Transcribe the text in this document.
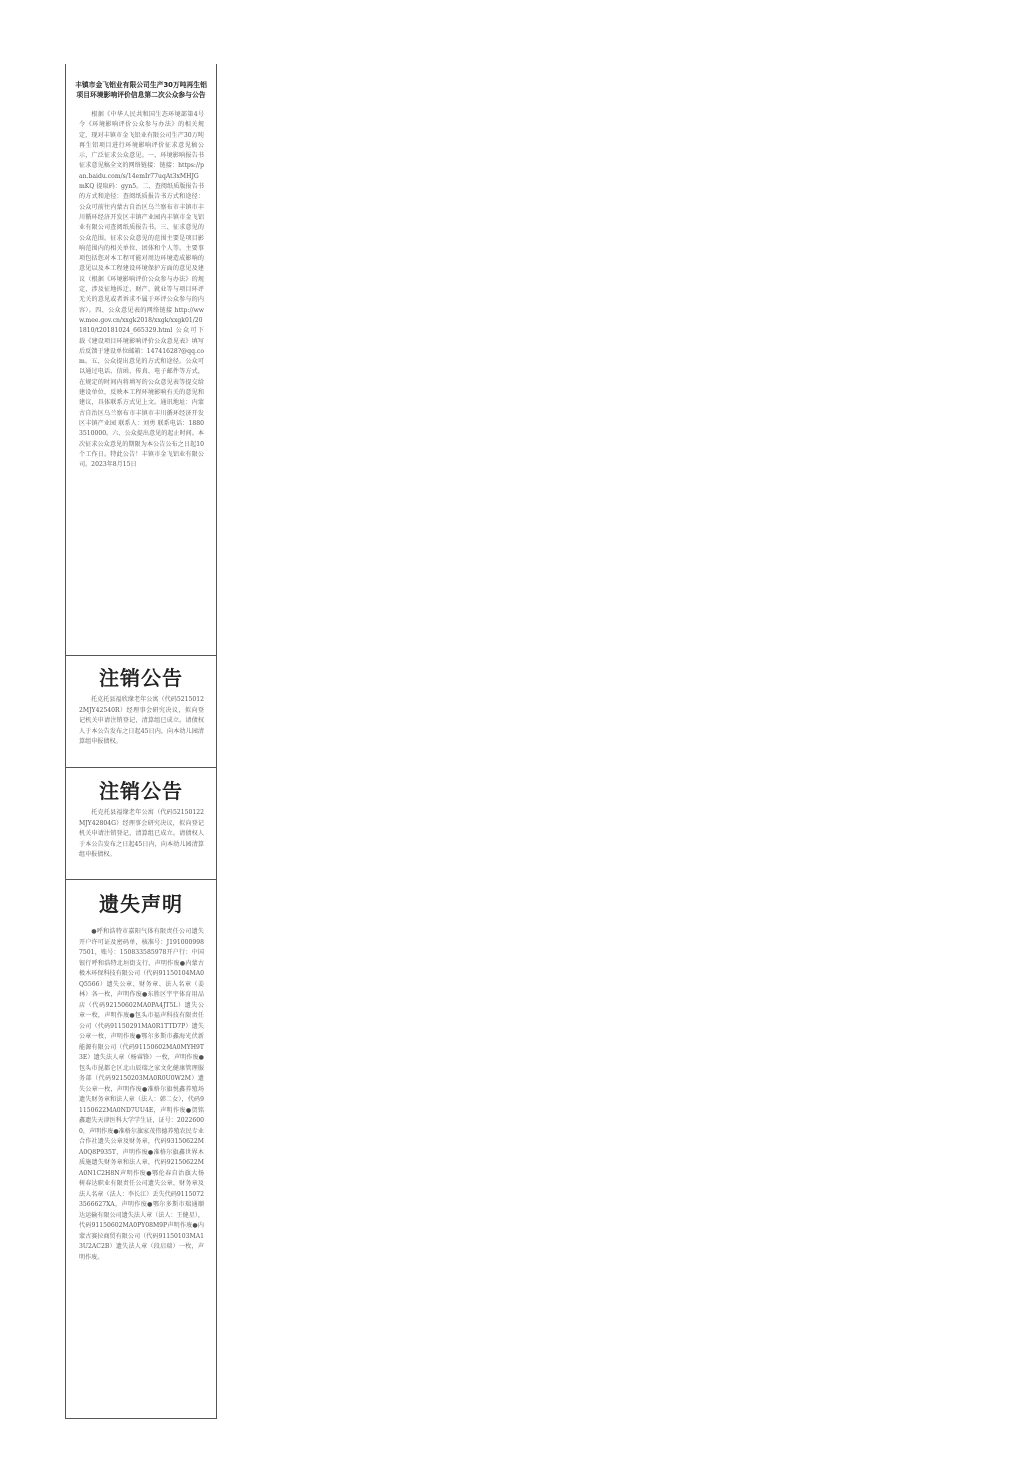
丰镇市金飞铝业有限公司生产30万吨再生铝项目环境影响评价信息第二次公众参与公告
根据《中华人民共和国生态环境部第4号令《环境影响评价公众参与办法》的相关规定，现对丰镇市金飞铝业有限公司生产30万吨再生铝项目进行环境影响评价征求意见稿公示，广泛征求公众意见。一、环境影响报告书征求意见稿全文的网络链接：链接：https://pan.baidu.com/s/14emIr77uqAt3xMHJGmKQ 提取码：gyn5。二、查阅纸质版报告书的方式和途径：查阅纸质报告书方式和途径：公众可前往内蒙古自治区乌兰察布市丰镇市丰川循环经济开发区丰镇产业园内丰镇市金飞铝业有限公司查阅纸质报告书。三、征求意见的公众范围。征求公众意见的范围主要是项目影响范围内的相关单位、团体和个人等。主要事项包括您对本工程可能对周边环境造成影响的意见以及本工程建设环境保护方面的意见及建议（根据《环境影响评价公众参与办法》的规定，涉及征地拆迁、财产、就业等与项目环评无关的意见或者诉求不属于环评公众参与的内容）。四、公众意见表的网络链接 http://www.mee.gov.cn/xxgk2018/xxgk/xxgk01/201810/t20181024_665329.html 公众可下载《建设项目环境影响评价公众意见表》填写后反馈于建设单位邮箱：14741628?@qq.com。五、公众提出意见的方式和途径。公众可以通过电话、信函、传真、电子邮件等方式，在规定的时间内将填写的公众意见表等提交给建设单位，反映本工程环境影响有关的意见和建议，具体联系方式见上文。通讯地址：内蒙古自治区乌兰察布市丰镇市丰川循环经济开发区丰镇产业园 联系人：刘勇 联系电话：18803510000。六、公众提出意见的起止时间。本次征求公众意见的期限为本公告公布之日起10个工作日。特此公告！丰镇市金飞铝业有限公司。2023年8月15日
注销公告
托克托县福欣缘老年公寓（代码52150122MJY42540R）经理事会研究决议，拟向登记机关申请注销登记，清算组已成立。请债权人于本公告发布之日起45日内，向本幼儿园清算组申报债权。
注销公告
托克托县福缘老年公寓（代码52150122MJY42804G）经理事会研究决议，拟向登记机关申请注销登记，清算组已成立。请债权人于本公告发布之日起45日内，向本幼儿园清算组申报债权。
遗失声明
●呼和浩特市嘉阳气体有限责任公司遗失开户许可证及密码单，核准号：J1910009987501，账号：150833585978开户行：中国银行呼和浩特北垣街支行，声明作废●内蒙古极木环保科技有限公司（代码91150104MA0Q5566）遗失公章、财务章、法人名章（姜林）各一枚，声明作废●东胜区宇宇体育用品店（代码92150602MA0PA4JT5L）遗失公章一枚，声明作废●包头市福声科技有限责任公司（代码91150291MA0R1TTD7P）遗失公章一枚，声明作废●鄂尔多斯市鑫海光伏新能源有限公司（代码91150602MA0MYH9T3E）遗失法人章（杨睿锋）一枚，声明作废●包头市昆都仑区北山辰瑞之家文化健康管理服务部（代码92150203MA0R0U0W2M）遗失公章一枚，声明作废●准格尔旗悦鑫养殖场遗失财务章和法人章（法人：韩二女），代码91150622MA0ND7UU4E，声明作废●贺铭鑫遗失天津医科大学学生证，证号：20226000，声明作废●准格尔旗家茂伟德养殖农民专业合作社遗失公章及财务章，代码93150622MA0Q8P935T，声明作废●准格尔旗鑫世界木质施遗失财务章和法人章，代码92150622MA0N1C2H8N声明作废●鄂伦春自治旗大扬树春达职业有限责任公司遗失公章、财务章及法人名章（法人：李长江）丢失代码91150723566627XA，声明作废●鄂尔多斯市瑞通顺达运输有限公司遗失法人章（法人：王健星），代码91150602MA0PY08M9P声明作废●内蒙古赛拉商贸有限公司（代码91150103MA13U2AC2B）遗失法人章（段启瑞）一枚，声明作废。
